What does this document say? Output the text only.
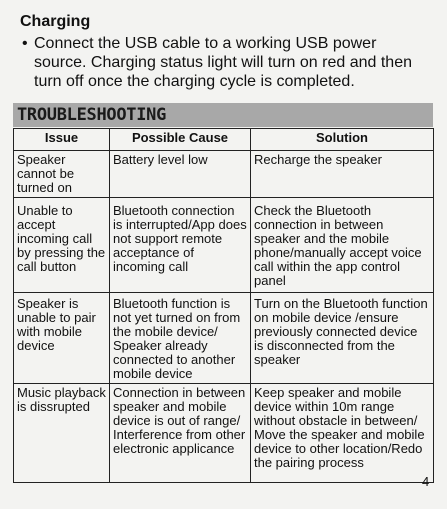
Charging
• Connect the USB cable to a working USB power source. Charging status light will turn on red and then turn off once the charging cycle is completed.
TROUBLESHOOTING
Issue	Possible Cause	Solution
Speaker cannot be turned on	Battery level low	Recharge the speaker
Unable to accept incoming call by pressing the call button	Bluetooth connection is interrupted/App does not support remote acceptance of incoming call	Check the Bluetooth connection in between speaker and the mobile phone/manually accept voice call within the app control panel
Speaker is unable to pair with mobile device	Bluetooth function is not yet turned on from the mobile device/ Speaker already connected to another mobile device	Turn on the Bluetooth function on mobile device /ensure previously connected device is disconnected from the speaker
Music playback is dissrupted	Connection in between speaker and mobile device is out of range/ Interference from other electronic applicance	Keep speaker and mobile device within 10m range without obstacle in between/ Move the speaker and mobile device to other location/Redo the pairing process
4
